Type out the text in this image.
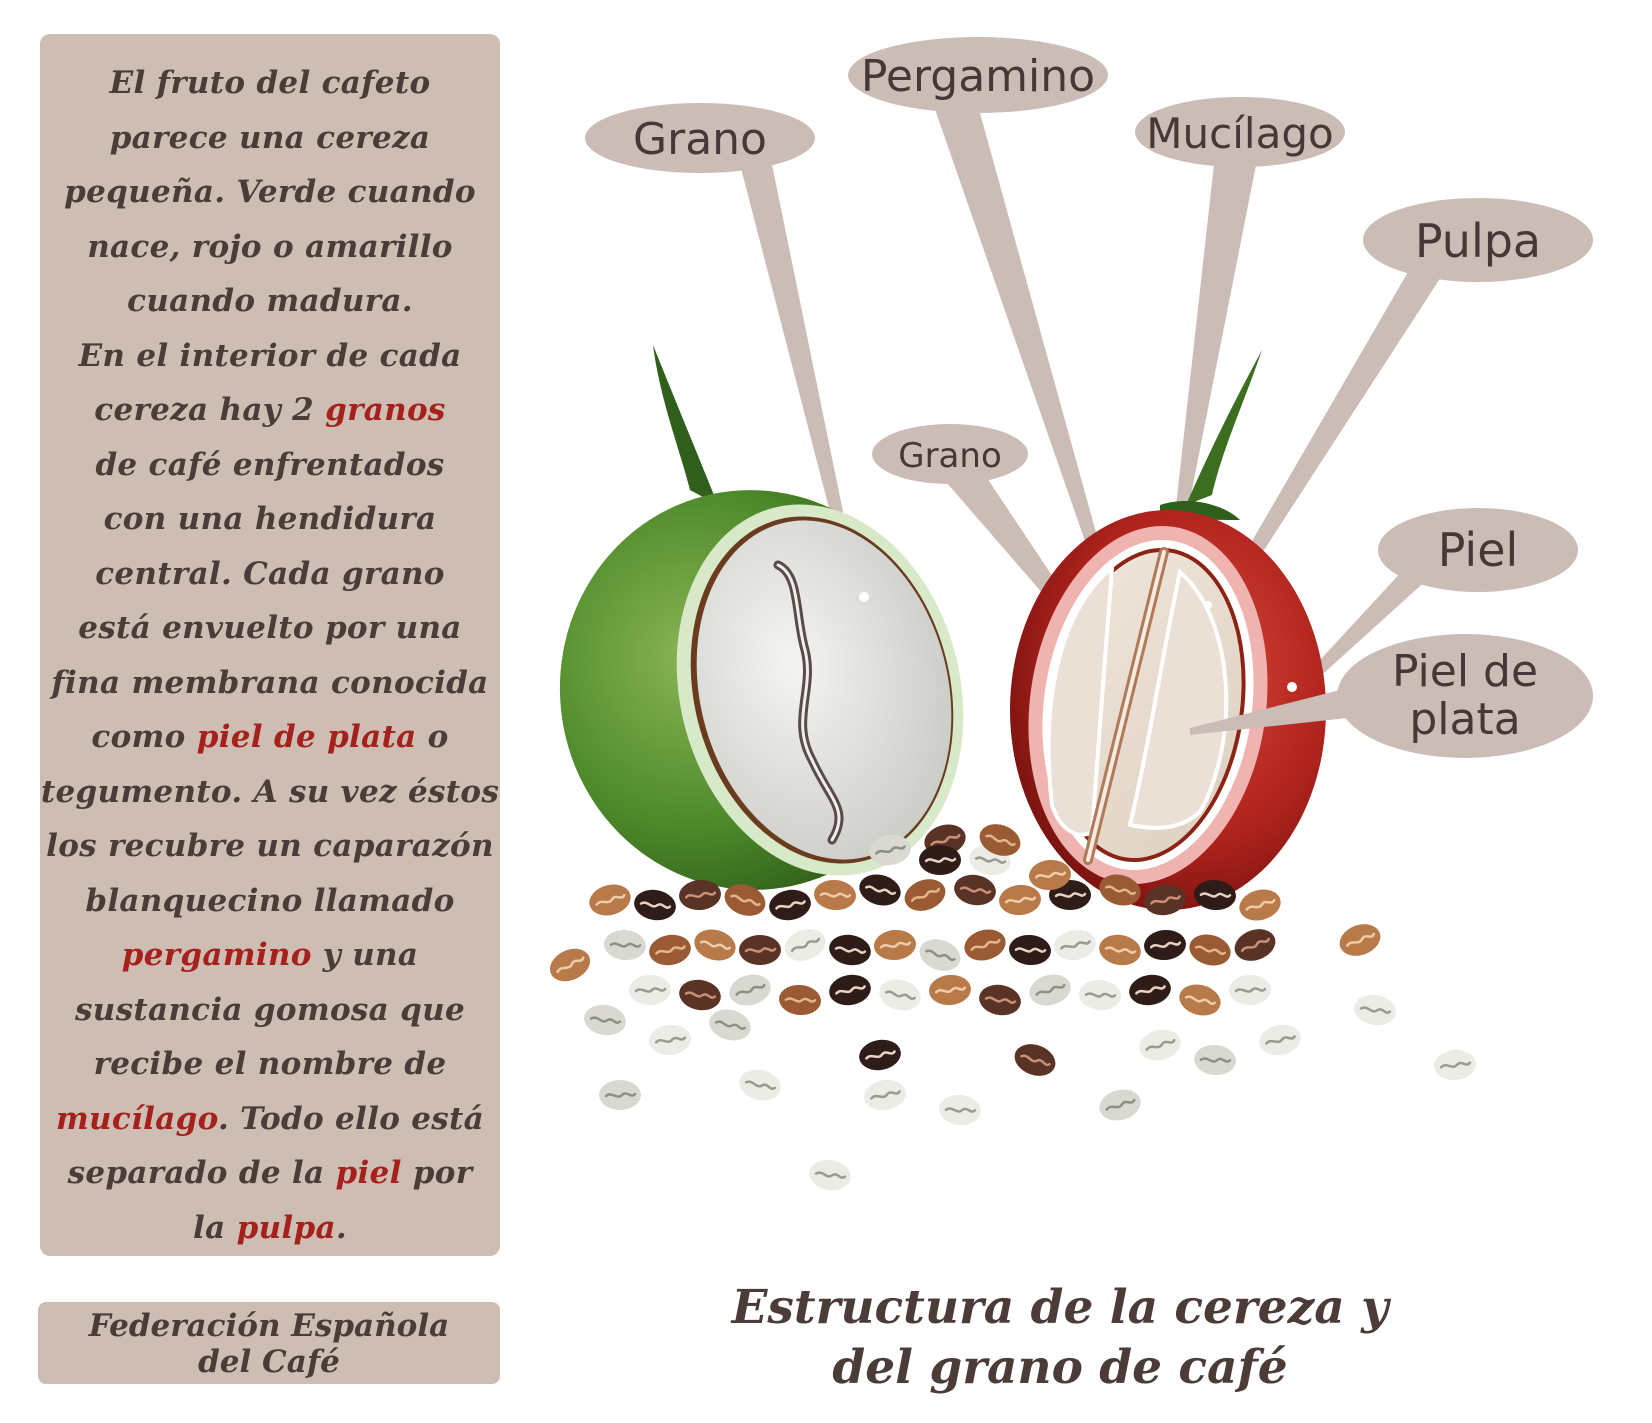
El fruto del cafeto
parece una cereza
pequeña. Verde cuando
nace, rojo o amarillo
cuando madura.
En el interior de cada
cereza hay 2 granos
de café enfrentados
con una hendidura
central. Cada grano
está envuelto por una
fina membrana conocida
como piel de plata o
tegumento. A su vez éstos
los recubre un caparazón
blanquecino llamado
pergamino y una
sustancia gomosa que
recibe el nombre de
mucílago. Todo ello está
separado de la piel por
la pulpa.
Federación Española
del Café
Estructura de la cereza y
del grano de café
Grano
Pergamino
Mucílago
Pulpa
Grano
Piel
Piel de
plata
